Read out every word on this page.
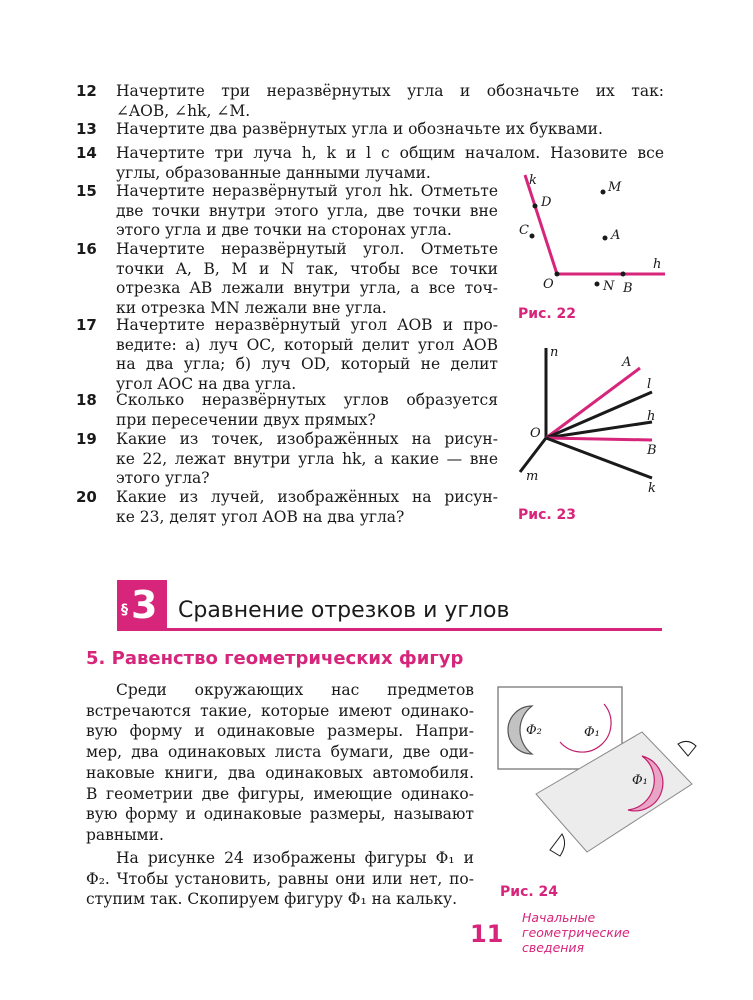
12	Начертите три неразвёрнутых угла и обозначьте их так:
∠AOB, ∠hk, ∠M.
13	Начертите два развёрнутых угла и обозначьте их буквами.
14	Начертите три луча h, k и l с общим началом. Назовите все
углы, образованные данными лучами.
15	Начертите неразвёрнутый угол hk. Отметьте
две точки внутри этого угла, две точки вне
этого угла и две точки на сторонах угла.
16	Начертите неразвёрнутый угол. Отметьте
точки A, B, M и N так, чтобы все точки
отрезка AB лежали внутри угла, а все точ-
ки отрезка MN лежали вне угла.
17	Начертите неразвёрнутый угол AOB и про-
ведите: а) луч OC, который делит угол AOB
на два угла; б) луч OD, который не делит
угол AOC на два угла.
18	Сколько неразвёрнутых углов образуется
при пересечении двух прямых?
19	Какие из точек, изображённых на рисун-
ке 22, лежат внутри угла hk, а какие — вне
этого угла?
20	Какие из лучей, изображённых на рисун-
ке 23, делят угол AOB на два угла?
k
D
C
M
A
O	N B
h
Рис. 22
n
A
l
h
O
B
m
k
Рис. 23
§ 3 Сравнение отрезков и углов
5. Равенство геометрических фигур
Среди окружающих нас предметов
встречаются такие, которые имеют одинако-
вую форму и одинаковые размеры. Напри-
мер, два одинаковых листа бумаги, две оди-
наковые книги, два одинаковых автомобиля.
В геометрии две фигуры, имеющие одинако-
вую форму и одинаковые размеры, называют
равными.
На рисунке 24 изображены фигуры Φ₁ и
Φ₂. Чтобы установить, равны они или нет, по-
ступим так. Скопируем фигуру Φ₁ на кальку.
Φ₂	Φ₁
Φ₁
Рис. 24
11
Начальные
геометрические
сведения
